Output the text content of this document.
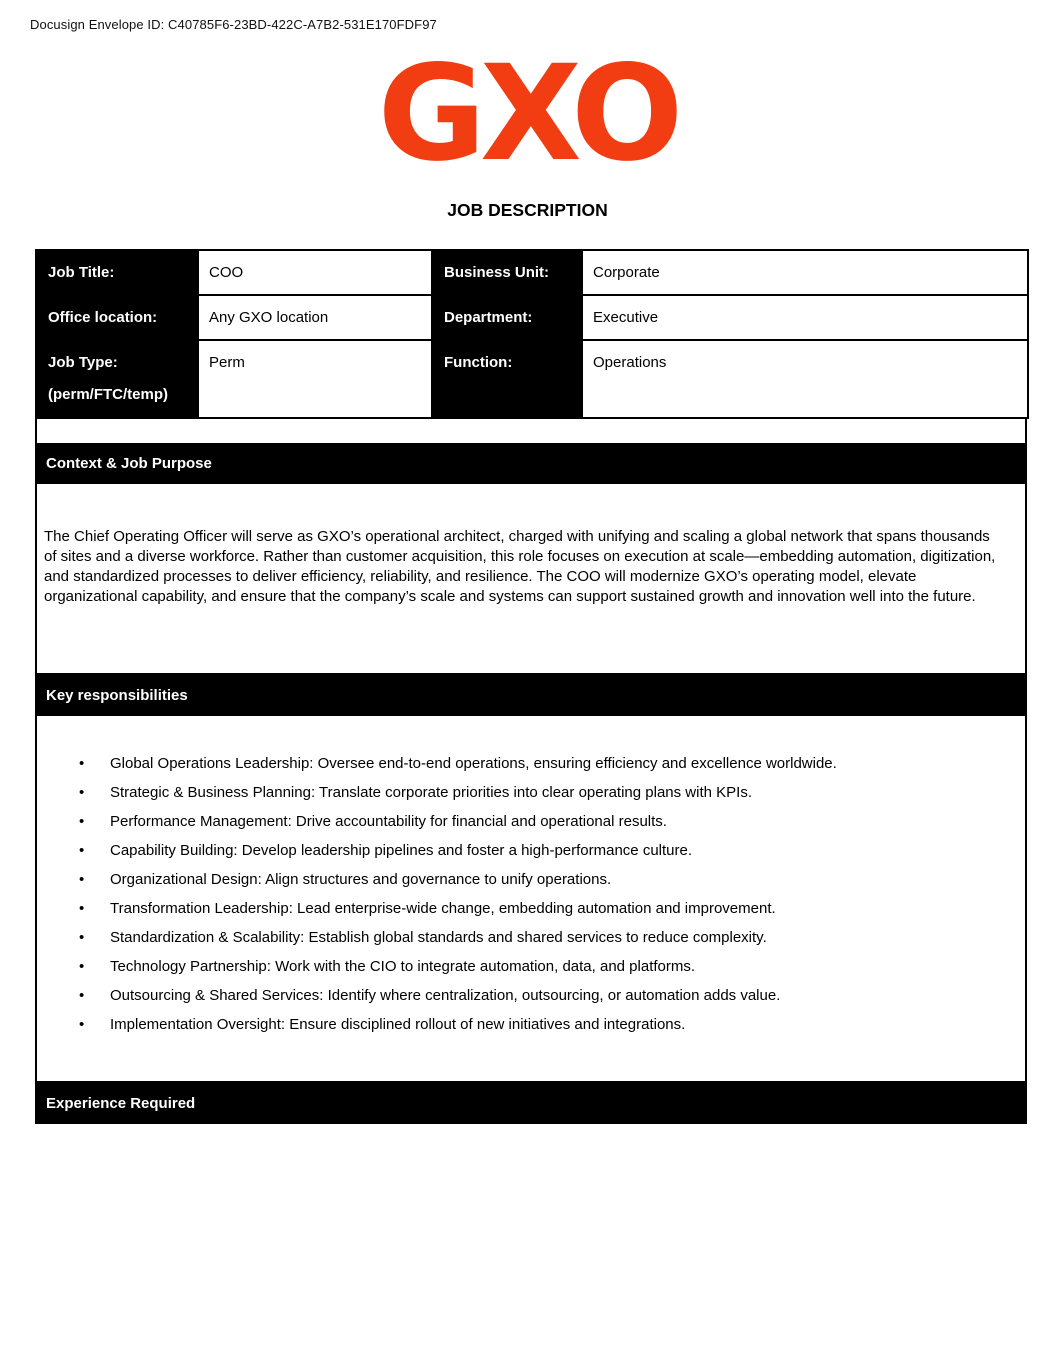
Docusign Envelope ID: C40785F6-23BD-422C-A7B2-531E170FDF97
GXO
JOB DESCRIPTION
Job Title:	COO	Business Unit:	Corporate
Office location:	Any GXO location	Department:	Executive
Job Type:
(perm/FTC/temp)	Perm	Function:	Operations
Context & Job Purpose

The Chief Operating Officer will serve as GXO’s operational architect, charged with unifying and scaling a global network that spans thousands of sites and a diverse workforce. Rather than customer acquisition, this role focuses on execution at scale—embedding automation, digitization, and standardized processes to deliver efficiency, reliability, and resilience. The COO will modernize GXO’s operating model, elevate organizational capability, and ensure that the company’s scale and systems can support sustained growth and innovation well into the future.

Key responsibilities
• Global Operations Leadership: Oversee end-to-end operations, ensuring efficiency and excellence worldwide.
• Strategic & Business Planning: Translate corporate priorities into clear operating plans with KPIs.
• Performance Management: Drive accountability for financial and operational results.
• Capability Building: Develop leadership pipelines and foster a high-performance culture.
• Organizational Design: Align structures and governance to unify operations.
• Transformation Leadership: Lead enterprise-wide change, embedding automation and improvement.
• Standardization & Scalability: Establish global standards and shared services to reduce complexity.
• Technology Partnership: Work with the CIO to integrate automation, data, and platforms.
• Outsourcing & Shared Services: Identify where centralization, outsourcing, or automation adds value.
• Implementation Oversight: Ensure disciplined rollout of new initiatives and integrations.
Experience Required
